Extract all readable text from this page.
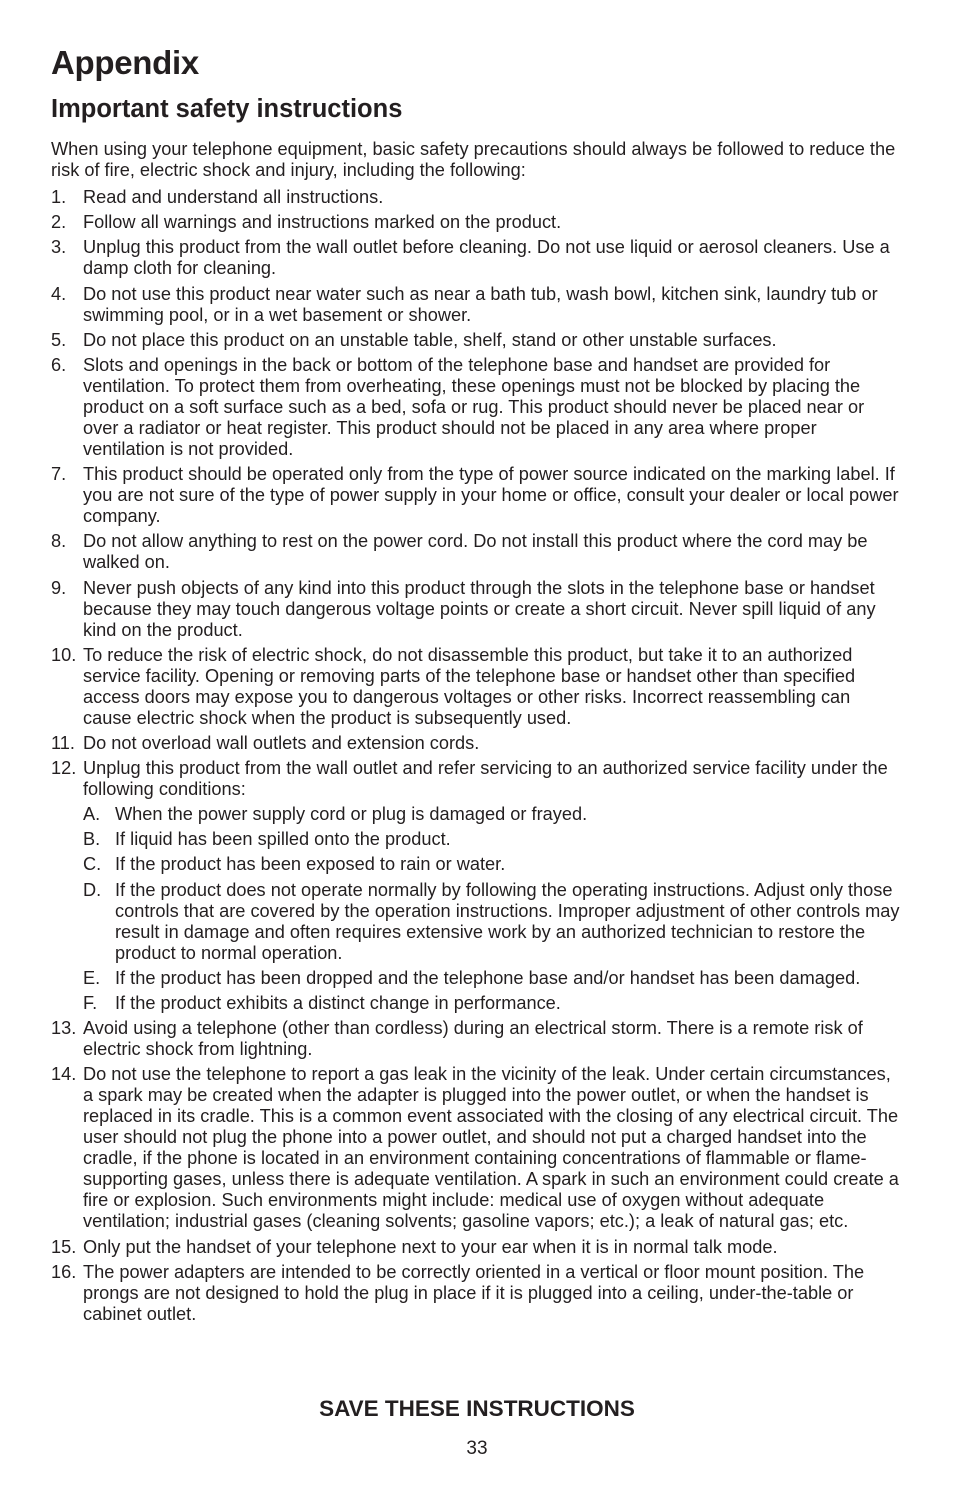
Appendix
Important safety instructions

When using your telephone equipment, basic safety precautions should always be followed to reduce the risk of fire, electric shock and injury, including the following:

1. Read and understand all instructions.
2. Follow all warnings and instructions marked on the product.
3. Unplug this product from the wall outlet before cleaning. Do not use liquid or aerosol cleaners. Use a damp cloth for cleaning.
4. Do not use this product near water such as near a bath tub, wash bowl, kitchen sink, laundry tub or swimming pool, or in a wet basement or shower.
5. Do not place this product on an unstable table, shelf, stand or other unstable surfaces.
6. Slots and openings in the back or bottom of the telephone base and handset are provided for ventilation. To protect them from overheating, these openings must not be blocked by placing the product on a soft surface such as a bed, sofa or rug. This product should never be placed near or over a radiator or heat register. This product should not be placed in any area where proper ventilation is not provided.
7. This product should be operated only from the type of power source indicated on the marking label. If you are not sure of the type of power supply in your home or office, consult your dealer or local power company.
8. Do not allow anything to rest on the power cord. Do not install this product where the cord may be walked on.
9. Never push objects of any kind into this product through the slots in the telephone base or handset because they may touch dangerous voltage points or create a short circuit. Never spill liquid of any kind on the product.
10. To reduce the risk of electric shock, do not disassemble this product, but take it to an authorized service facility. Opening or removing parts of the telephone base or handset other than specified access doors may expose you to dangerous voltages or other risks. Incorrect reassembling can cause electric shock when the product is subsequently used.
11. Do not overload wall outlets and extension cords.
12. Unplug this product from the wall outlet and refer servicing to an authorized service facility under the following conditions:
A. When the power supply cord or plug is damaged or frayed.
B. If liquid has been spilled onto the product.
C. If the product has been exposed to rain or water.
D. If the product does not operate normally by following the operating instructions. Adjust only those controls that are covered by the operation instructions. Improper adjustment of other controls may result in damage and often requires extensive work by an authorized technician to restore the product to normal operation.
E. If the product has been dropped and the telephone base and/or handset has been damaged.
F. If the product exhibits a distinct change in performance.
13. Avoid using a telephone (other than cordless) during an electrical storm. There is a remote risk of electric shock from lightning.
14. Do not use the telephone to report a gas leak in the vicinity of the leak. Under certain circumstances, a spark may be created when the adapter is plugged into the power outlet, or when the handset is replaced in its cradle. This is a common event associated with the closing of any electrical circuit. The user should not plug the phone into a power outlet, and should not put a charged handset into the cradle, if the phone is located in an environment containing concentrations of flammable or flame-supporting gases, unless there is adequate ventilation. A spark in such an environment could create a fire or explosion. Such environments might include: medical use of oxygen without adequate ventilation; industrial gases (cleaning solvents; gasoline vapors; etc.); a leak of natural gas; etc.
15. Only put the handset of your telephone next to your ear when it is in normal talk mode.
16. The power adapters are intended to be correctly oriented in a vertical or floor mount position. The prongs are not designed to hold the plug in place if it is plugged into a ceiling, under-the-table or cabinet outlet.
SAVE THESE INSTRUCTIONS
33
